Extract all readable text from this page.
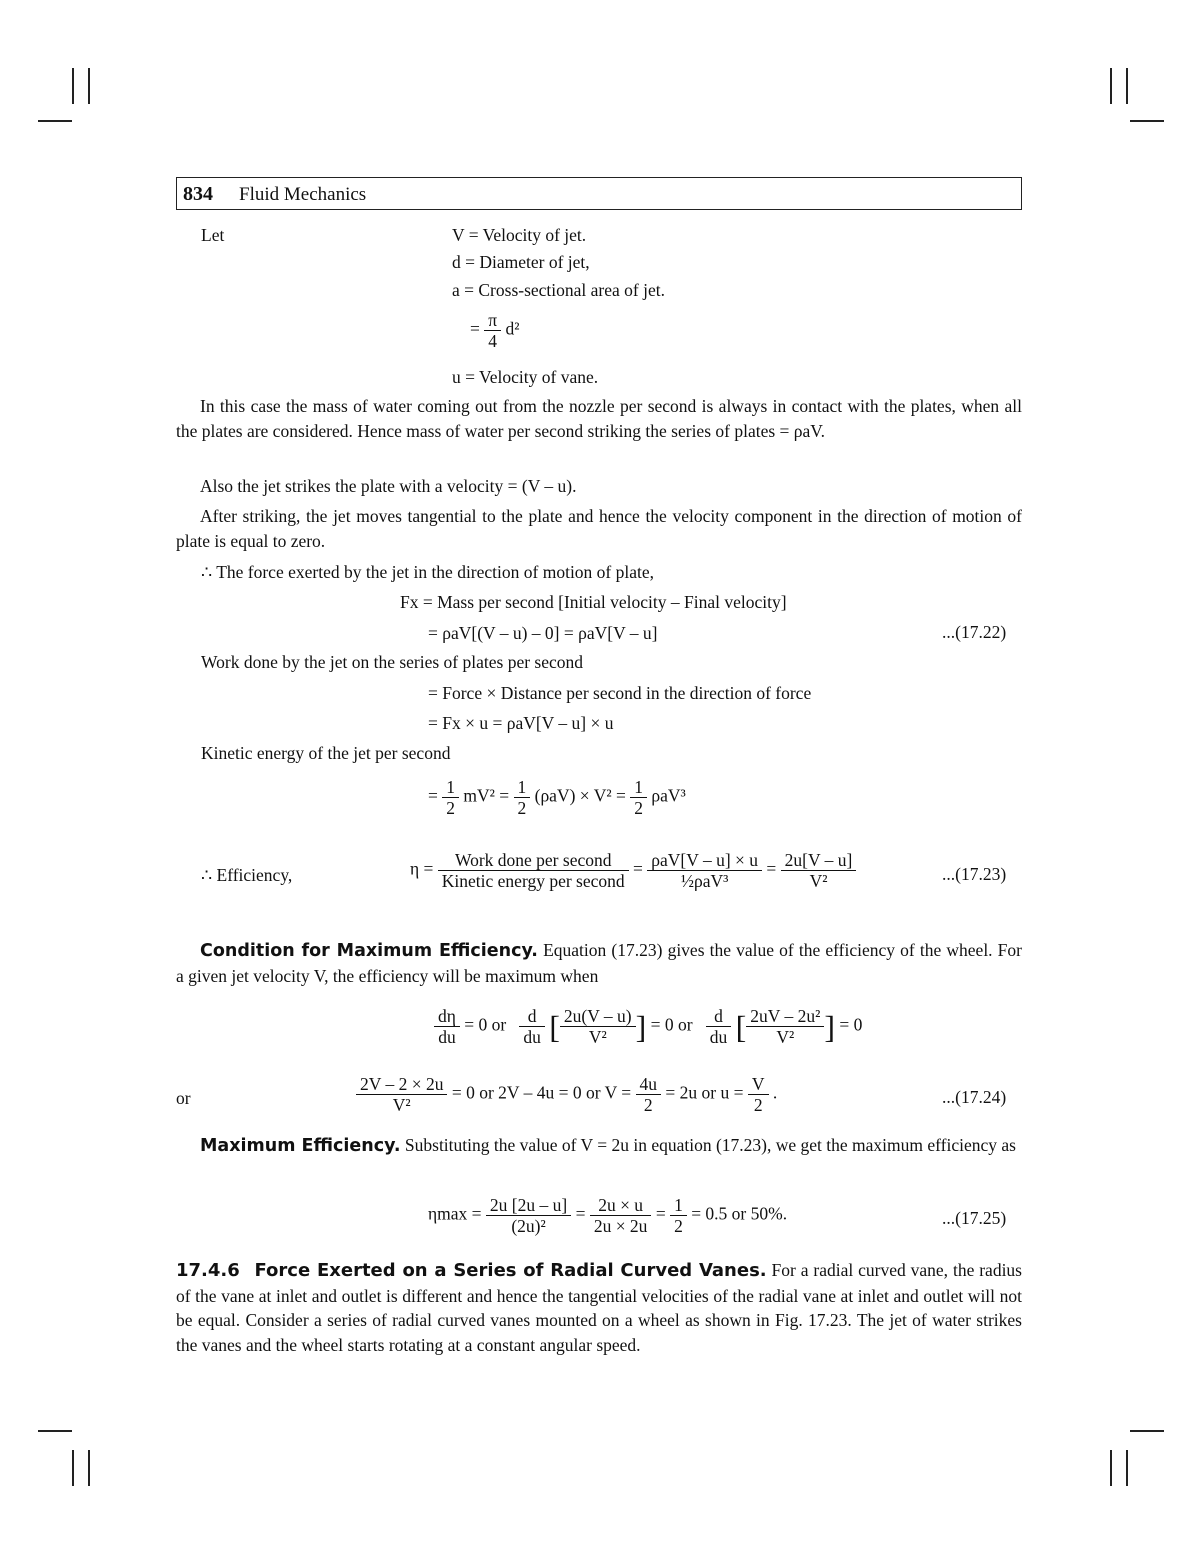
834 Fluid Mechanics
Let	V = Velocity of jet.
d = Diameter of jet,
a = Cross-sectional area of jet.
= $\frac{\pi}{4} d^2$
u = Velocity of vane.
In this case the mass of water coming out from the nozzle per second is always in contact with the plates, when all the plates are considered. Hence mass of water per second striking the series of plates = ρaV.
Also the jet strikes the plate with a velocity = (V – u).
After striking, the jet moves tangential to the plate and hence the velocity component in the direction of motion of plate is equal to zero.
∴ The force exerted by the jet in the direction of motion of plate,
Fx = Mass per second [Initial velocity – Final velocity]
= ρaV[(V – u) – 0] = ρaV[V – u]	...(17.22)
Work done by the jet on the series of plates per second
= Force × Distance per second in the direction of force
= Fx × u = ρaV[V – u] × u
Kinetic energy of the jet per second
= $\frac{1}{2} mV^2 = \frac{1}{2} (\rho aV) \times V^2 = \frac{1}{2} \rho aV^3$
∴ Efficiency,	$\eta = \frac{\text{Work done per second}}{\text{Kinetic energy per second}} = \frac{\text{ρaV[V – u] × u}}{\text{½ρaV³}} = \frac{2u[V - u]}{\text{V²}}$	...(17.23)
Condition for Maximum Efficiency. Equation (17.23) gives the value of the efficiency of the wheel. For a given jet velocity V, the efficiency will be maximum when
$\frac{d\eta}{du} = 0$ or $\frac{d}{du}$ [ $\frac{2u(V - u)}{\text{V²}}$ ] = 0 or $\frac{d}{du}$ [ $\frac{\text{2uV – 2u²}}{\text{V²}}$ ] = 0
or	$\frac{2V - 2 \times 2u}{\text{V²}} = 0$ or 2V – 4u = 0 or $V = \frac{4u}{2} = 2u$ or $u = \frac{V}{2}$ .	...(17.24)
Maximum Efficiency. Substituting the value of V = 2u in equation (17.23), we get the maximum efficiency as
$\eta\max = \frac{2u [2u - u]}{\text{(2u)²}} = \frac{2u \times u}{2u \times 2u} = \frac{1}{2} = 0.5$ or 50%.	...(17.25)
17.4.6 Force Exerted on a Series of Radial Curved Vanes. For a radial curved vane, the radius of the vane at inlet and outlet is different and hence the tangential velocities of the radial vane at inlet and outlet will not be equal. Consider a series of radial curved vanes mounted on a wheel as shown in Fig. 17.23. The jet of water strikes the vanes and the wheel starts rotating at a constant angular speed.
